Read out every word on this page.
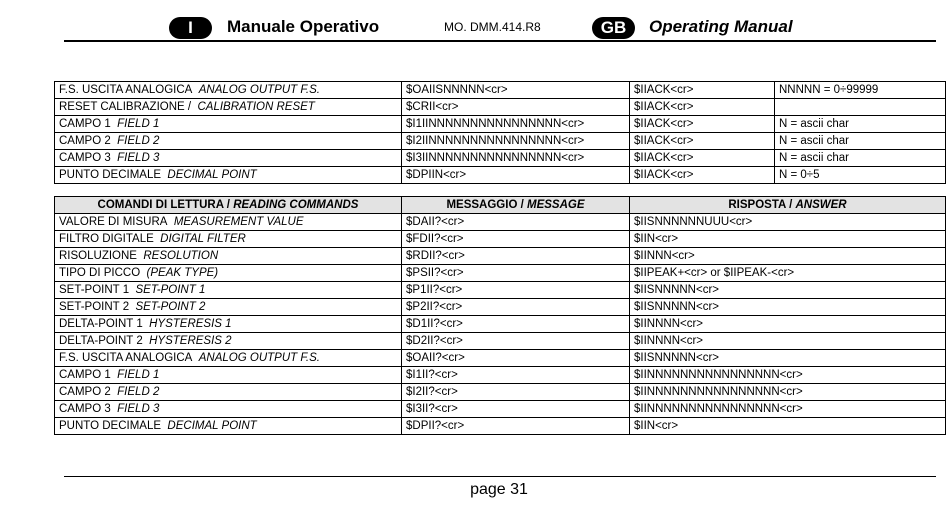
I	Manuale Operativo	MO. DMM.414.R8	GB	Operating Manual
F.S. USCITA ANALOGICA ANALOG OUTPUT F.S.	$OAIISNNNNN<cr>	$IIACK<cr>	NNNNN = 0÷99999
RESET CALIBRAZIONE / CALIBRATION RESET	$CRII<cr>	$IIACK<cr>	
CAMPO 1 FIELD 1	$I1IINNNNNNNNNNNNNNNN<cr>	$IIACK<cr>	N = ascii char
CAMPO 2 FIELD 2	$I2IINNNNNNNNNNNNNNNN<cr>	$IIACK<cr>	N = ascii char
CAMPO 3 FIELD 3	$I3IINNNNNNNNNNNNNNNN<cr>	$IIACK<cr>	N = ascii char
PUNTO DECIMALE DECIMAL POINT	$DPIIN<cr>	$IIACK<cr>	N = 0÷5
COMANDI DI LETTURA / READING COMMANDS	MESSAGGIO / MESSAGE	RISPOSTA / ANSWER
VALORE DI MISURA MEASUREMENT VALUE	$DAII?<cr>	$IISNNNNNNUUU<cr>
FILTRO DIGITALE DIGITAL FILTER	$FDII?<cr>	$IIN<cr>
RISOLUZIONE RESOLUTION	$RDII?<cr>	$IINNN<cr>
TIPO DI PICCO (PEAK TYPE)	$PSII?<cr>	$IIPEAK+<cr> or $IIPEAK-<cr>
SET-POINT 1 SET-POINT 1	$P1II?<cr>	$IISNNNNN<cr>
SET-POINT 2 SET-POINT 2	$P2II?<cr>	$IISNNNNN<cr>
DELTA-POINT 1 HYSTERESIS 1	$D1II?<cr>	$IINNNN<cr>
DELTA-POINT 2 HYSTERESIS 2	$D2II?<cr>	$IINNNN<cr>
F.S. USCITA ANALOGICA ANALOG OUTPUT F.S.	$OAII?<cr>	$IISNNNNN<cr>
CAMPO 1 FIELD 1	$I1II?<cr>	$IINNNNNNNNNNNNNNNN<cr>
CAMPO 2 FIELD 2	$I2II?<cr>	$IINNNNNNNNNNNNNNNN<cr>
CAMPO 3 FIELD 3	$I3II?<cr>	$IINNNNNNNNNNNNNNNN<cr>
PUNTO DECIMALE DECIMAL POINT	$DPII?<cr>	$IIN<cr>
page 31
